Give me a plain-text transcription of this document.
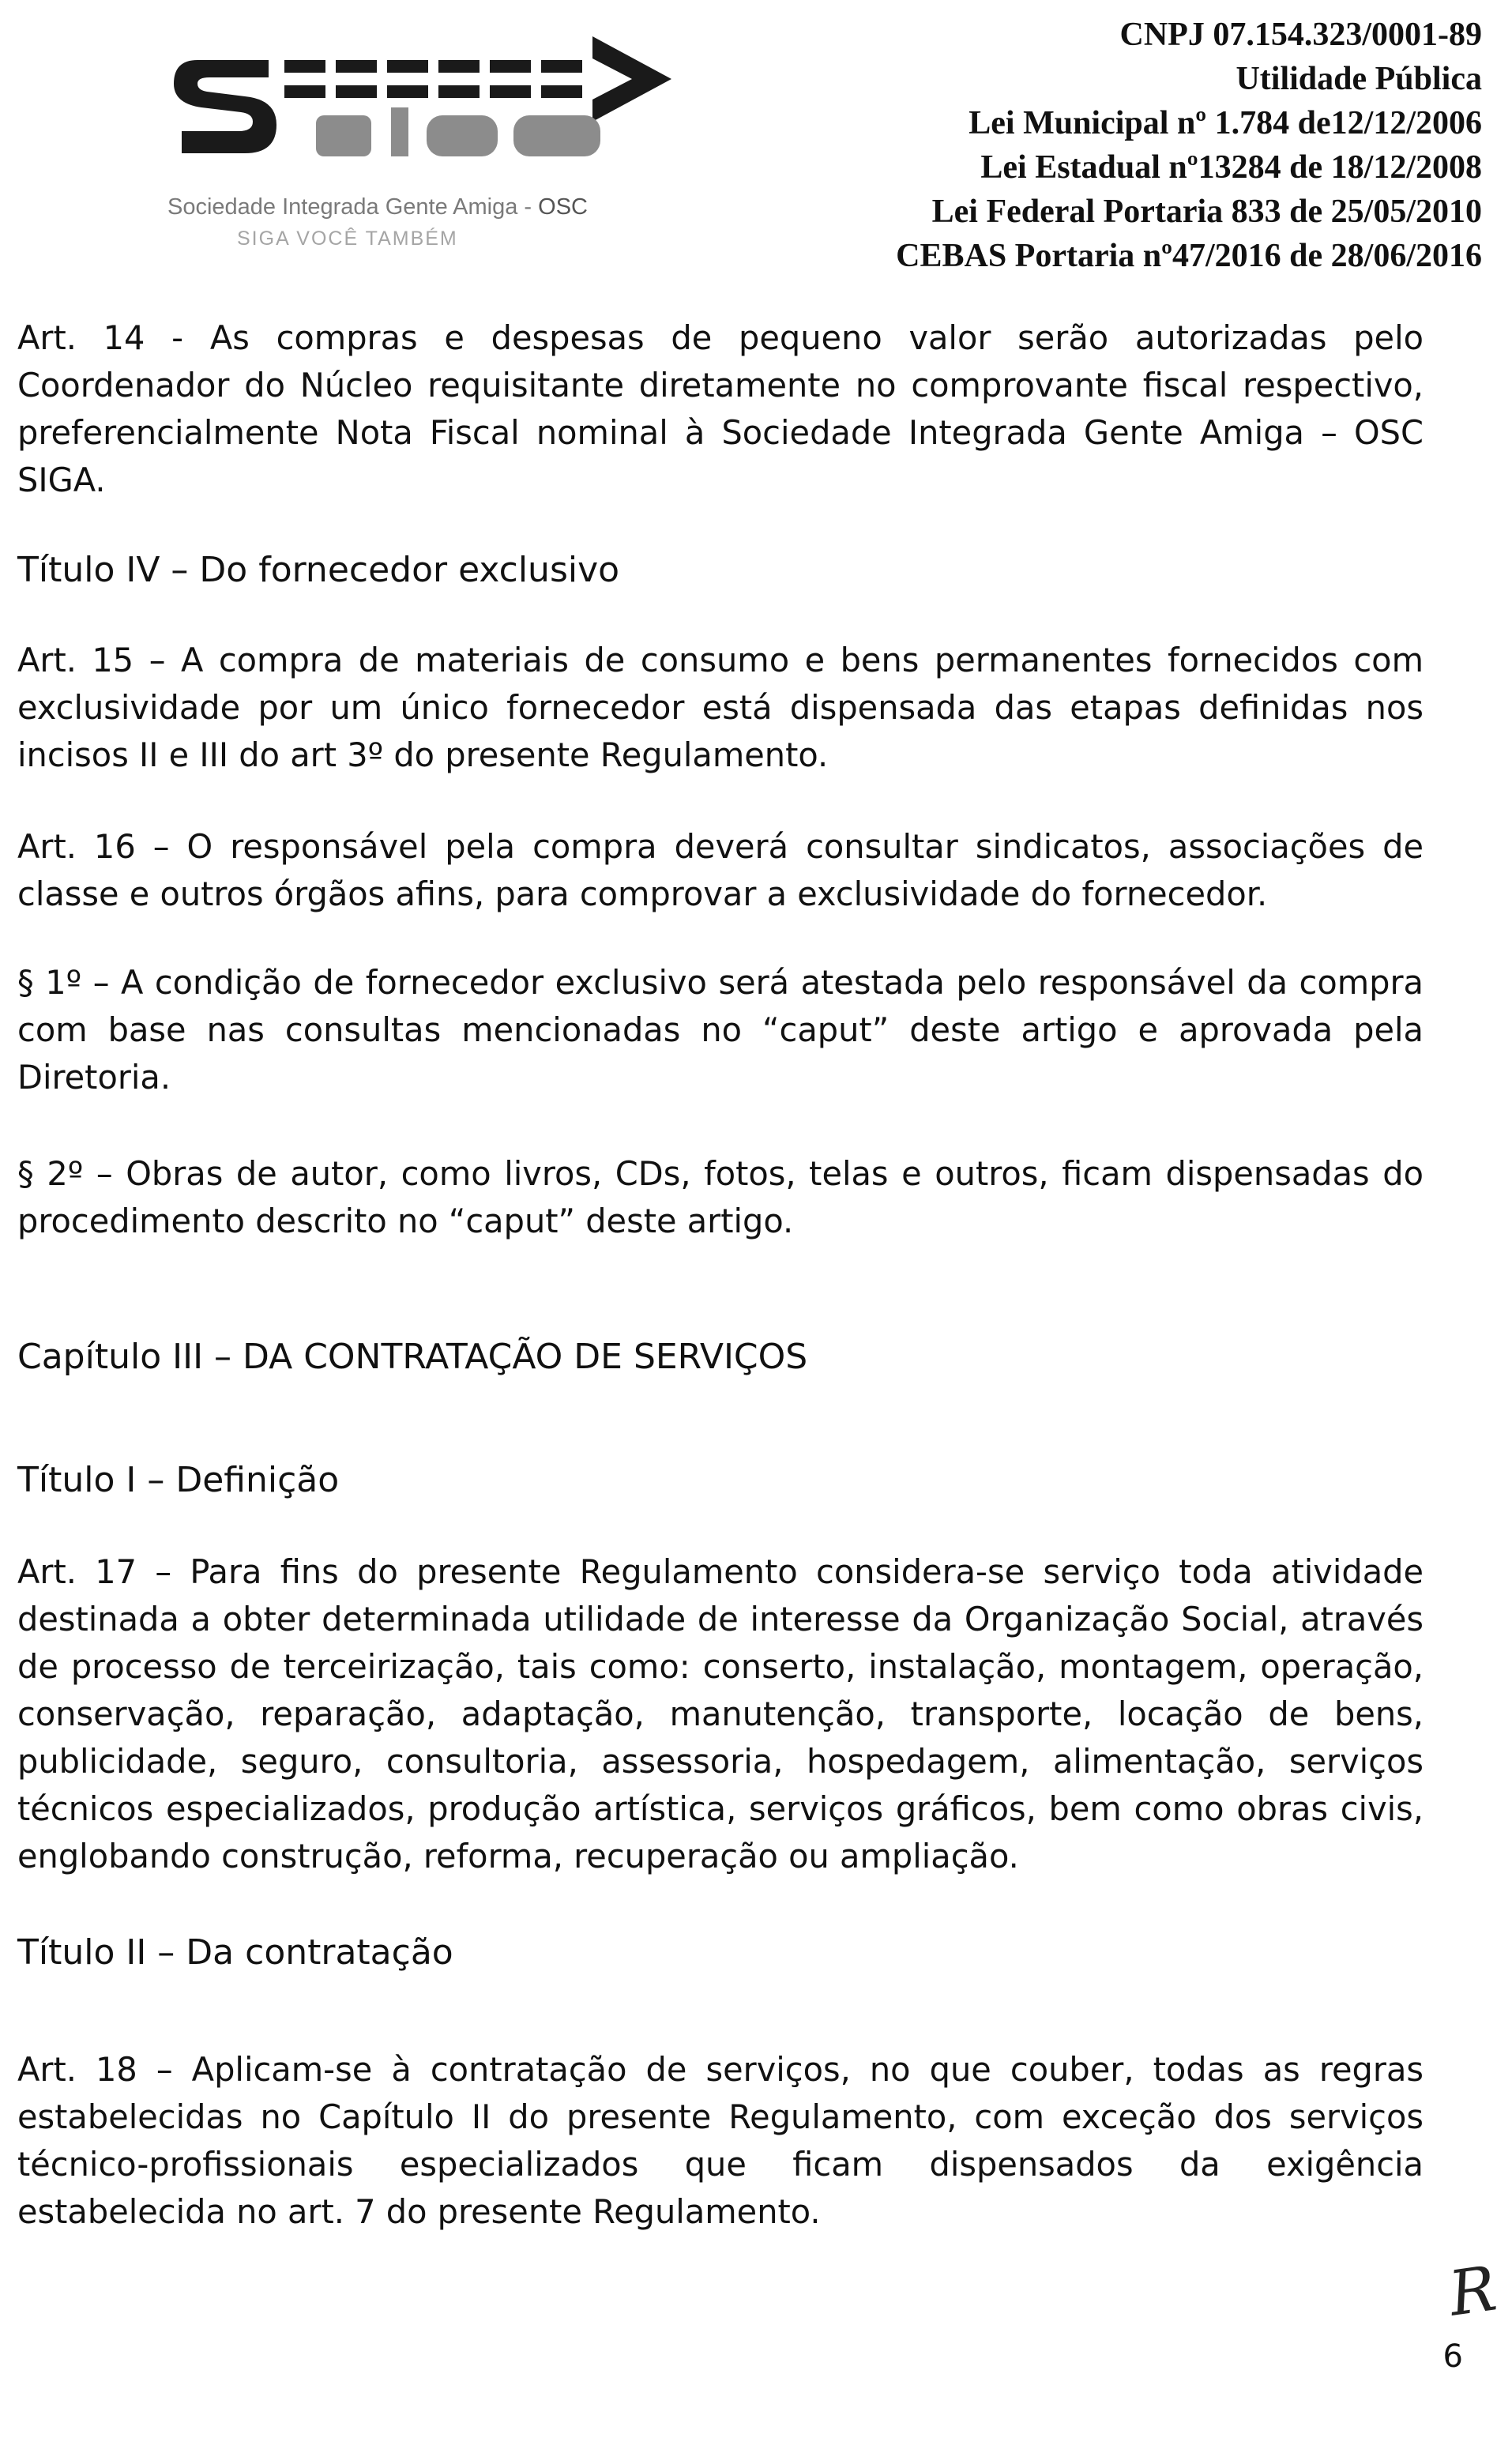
Sociedade Integrada Gente Amiga - OSC
SIGA VOCÊ TAMBÉM
CNPJ 07.154.323/0001-89
Utilidade Pública
Lei Municipal nº 1.784 de12/12/2006
Lei Estadual nº13284 de 18/12/2008
Lei Federal Portaria 833 de 25/05/2010
CEBAS Portaria nº47/2016 de 28/06/2016

Art. 14 - As compras e despesas de pequeno valor serão autorizadas pelo Coordenador do Núcleo requisitante diretamente no comprovante fiscal respectivo, preferencialmente Nota Fiscal nominal à Sociedade Integrada Gente Amiga – OSC SIGA.

Título IV – Do fornecedor exclusivo

Art. 15 – A compra de materiais de consumo e bens permanentes fornecidos com exclusividade por um único fornecedor está dispensada das etapas definidas nos incisos II e III do art 3º do presente Regulamento.

Art. 16 – O responsável pela compra deverá consultar sindicatos, associações de classe e outros órgãos afins, para comprovar a exclusividade do fornecedor.

§ 1º – A condição de fornecedor exclusivo será atestada pelo responsável da compra com base nas consultas mencionadas no “caput” deste artigo e aprovada pela Diretoria.

§ 2º – Obras de autor, como livros, CDs, fotos, telas e outros, ficam dispensadas do procedimento descrito no “caput” deste artigo.

Capítulo III – DA CONTRATAÇÃO DE SERVIÇOS

Título I – Definição

Art. 17 – Para fins do presente Regulamento considera-se serviço toda atividade destinada a obter determinada utilidade de interesse da Organização Social, através de processo de terceirização, tais como: conserto, instalação, montagem, operação, conservação, reparação, adaptação, manutenção, transporte, locação de bens, publicidade, seguro, consultoria, assessoria, hospedagem, alimentação, serviços técnicos especializados, produção artística, serviços gráficos, bem como obras civis, englobando construção, reforma, recuperação ou ampliação.

Título II – Da contratação

Art. 18 – Aplicam-se à contratação de serviços, no que couber, todas as regras estabelecidas no Capítulo II do presente Regulamento, com exceção dos serviços técnico-profissionais especializados que ficam dispensados da exigência estabelecida no art. 7 do presente Regulamento.

R
6
